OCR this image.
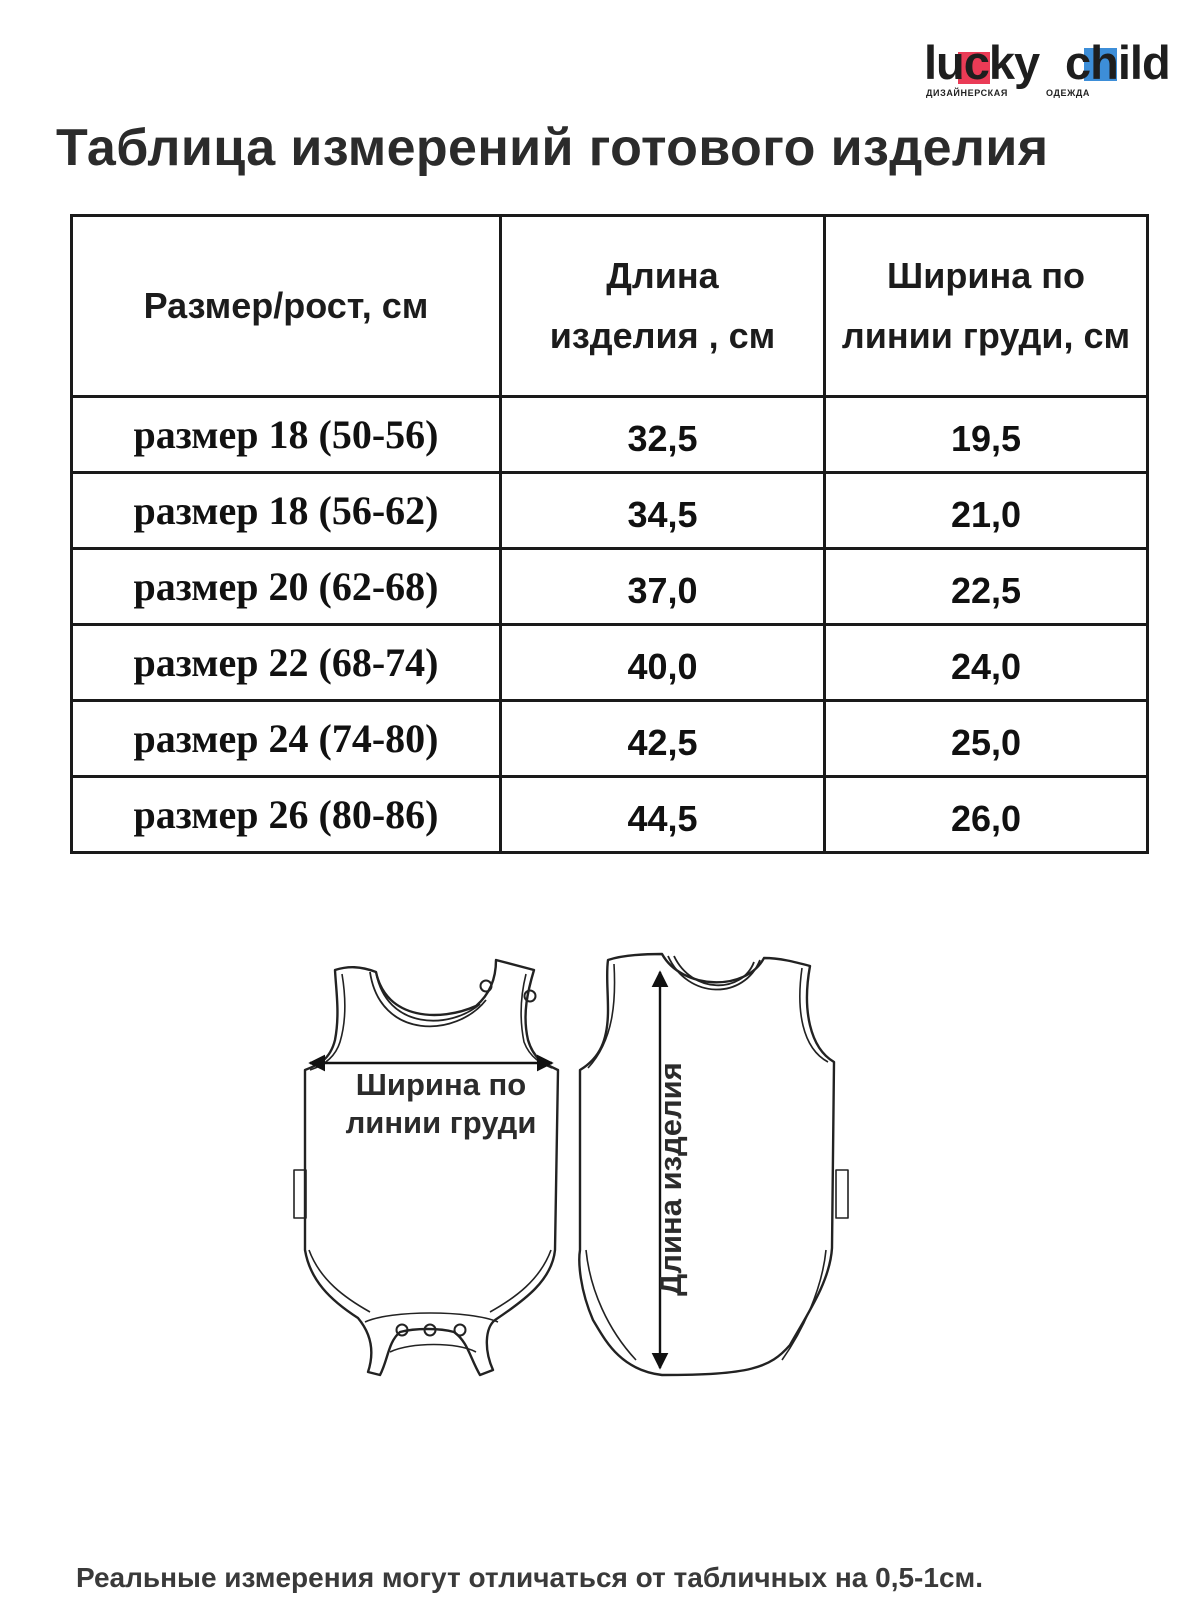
lucky child
ДИЗАЙНЕРСКАЯ	ОДЕЖДА
Таблица измерений готового изделия
Размер/рост, см	Длина изделия , см	Ширина по линии груди, см

размер 18 (50-56)	32,5	19,5
размер 18 (56-62)	34,5	21,0
размер 20 (62-68)	37,0	22,5
размер 22 (68-74)	40,0	24,0
размер 24 (74-80)	42,5	25,0
размер 26 (80-86)	44,5	26,0
Ширина по линии груди	Длина изделия
Реальные измерения могут отличаться от табличных на 0,5-1см.
